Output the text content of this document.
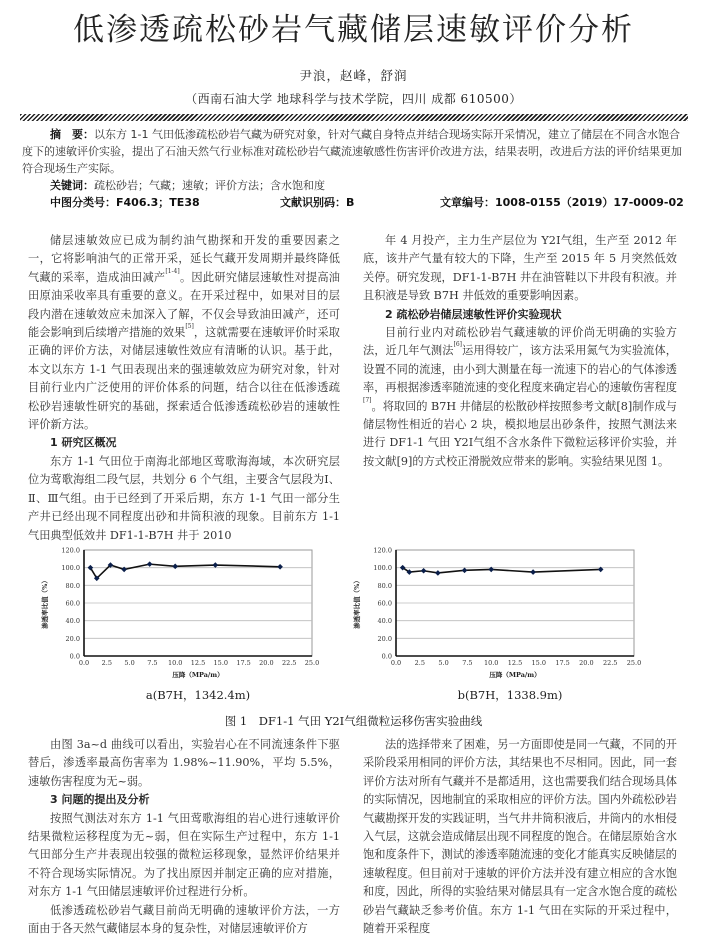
低渗透疏松砂岩气藏储层速敏评价分析
尹浪，赵峰，舒润
（西南石油大学 地球科学与技术学院，四川 成都 610500）

摘　要：以东方 1-1 气田低渗疏松砂岩气藏为研究对象，针对气藏自身特点并结合现场实际开采情况，建立了储层在不同含水饱合度下的速敏评价实验，提出了石油天然气行业标准对疏松砂岩气藏流速敏感性伤害评价改进方法，结果表明，改进后方法的评价结果更加符合现场生产实际。

关键词：疏松砂岩；气藏；速敏；评价方法；含水饱和度

中图分类号：F406.3；TE38	文献识别码：B	文章编号：1008-0155（2019）17-0009-02

储层速敏效应已成为制约油气勘探和开发的重要因素之一，它将影响油气的正常开采，延长气藏开发周期并最终降低气藏的采率，造成油田减产[1-4]。因此研究储层速敏性对提高油田原油采收率具有重要的意义。在开采过程中，如果对目的层段内潜在速敏效应未加深入了解，不仅会导致油田减产，还可能会影响到后续增产措施的效果[5]，这就需要在速敏评价时采取正确的评价方法，对储层速敏性效应有清晰的认识。基于此，本文以东方 1-1 气田表现出来的强速敏效应为研究对象，针对目前行业内广泛使用的评价体系的问题，结合以往在低渗透疏松砂岩速敏性研究的基础，探索适合低渗透疏松砂岩的速敏性评价新方法。

1 研究区概况

东方 1-1 气田位于南海北部地区莺歌海海域，本次研究层位为莺歌海组二段气层，共划分 6 个气组，主要含气层段为Ⅰ、Ⅱ、Ⅲ气组。由于已经到了开采后期，东方 1-1 气田一部分生产井已经出现不同程度出砂和井筒积液的现象。目前东方 1-1 气田典型低效井 DF1-1-B7H 井于 2010

年 4 月投产，主力生产层位为 Y2Ⅰ气组，生产至 2012 年底，该井产气量有较大的下降，生产至 2015 年 5 月突然低效关停。研究发现，DF1-1-B7H 井在油管鞋以下井段有积液。并且积液是导致 B7H 井低效的重要影响因素。

2 疏松砂岩储层速敏性评价实验现状

目前行业内对疏松砂岩气藏速敏的评价尚无明确的实验方法，近几年气测法[6]运用得较广，该方法采用氮气为实验流体，设置不同的流速，由小到大测量在每一流速下的岩心的气体渗透率，再根据渗透率随流速的变化程度来确定岩心的速敏伤害程度[7]。将取回的 B7H 井储层的松散砂样按照参考文献[8]制作成与储层物性相近的岩心 2 块，模拟地层出砂条件，按照气测法来进行 DF1-1 气田 Y2Ⅰ气组不含水条件下微粒运移评价实验，并按文献[9]的方式校正滑脱效应带来的影响。实验结果见图 1。

0.0
20.0
40.0
60.0
80.0
100.0
120.0
0.0 2.5 5.0 7.5 10.0 12.5 15.0 17.5 20.0 22.5 25.0
压降（MPa/m）
渗透率比值（%）
0.0
20.0
40.0
60.0
80.0
100.0
120.0
0.0 2.5 5.0 7.5 10.0 12.5 15.0 17.5 20.0 22.5 25.0
压降（MPa/m）
渗透率比值（%）
a(B7H，1342.4m)	b(B7H，1338.9m)
图 1　DF1-1 气田 Y2Ⅰ气组微粒运移伤害实验曲线

由图 3a~d 曲线可以看出，实验岩心在不同流速条件下驱替后，渗透率最高伤害率为 1.98%~11.90%，平均 5.5%，速敏伤害程度为无~弱。

3 问题的提出及分析

按照气测法对东方 1-1 气田莺歌海组的岩心进行速敏评价结果微粒运移程度为无~弱，但在实际生产过程中，东方 1-1 气田部分生产井表现出较强的微粒运移现象，显然评价结果并不符合现场实际情况。为了找出原因并制定正确的应对措施，对东方 1-1 气田储层速敏评价过程进行分析。

低渗透疏松砂岩气藏目前尚无明确的速敏评价方法，一方面由于各天然气藏储层本身的复杂性，对储层速敏评价方

法的选择带来了困难，另一方面即使是同一气藏，不同的开采阶段采用相同的评价方法，其结果也不尽相同。因此，同一套评价方法对所有气藏并不是都适用，这也需要我们结合现场具体的实际情况，因地制宜的采取相应的评价方法。国内外疏松砂岩气藏勘探开发的实践证明，当气井井筒积液后，井筒内的水相侵入气层，这就会造成储层出现不同程度的饱合。在储层原始含水饱和度条件下，测试的渗透率随流速的变化才能真实反映储层的速敏程度。但目前对于速敏的评价方法并没有建立相应的含水饱和度，因此，所得的实验结果对储层具有一定含水饱合度的疏松砂岩气藏缺乏参考价值。东方 1-1 气田在实际的开采过程中，随着开采程度
